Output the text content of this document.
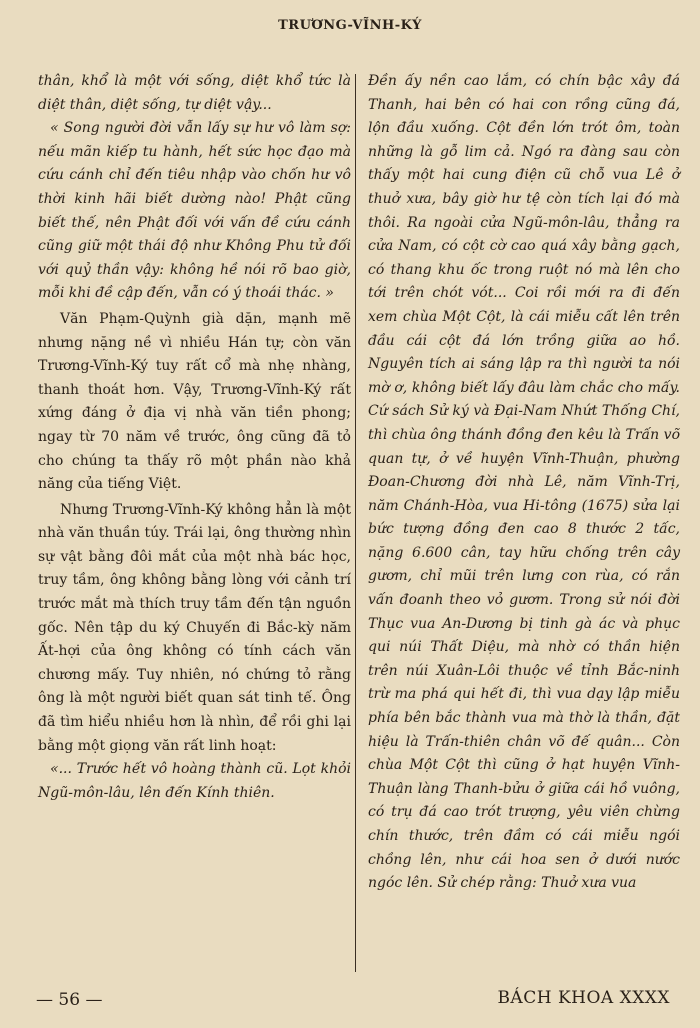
TRƯƠNG-VĨNH-KÝ

thân, khổ là một với sống, diệt khổ tức là diệt thân, diệt sống, tự diệt vậy...

« Song người đời vẫn lấy sự hư vô làm sợ: nếu mãn kiếp tu hành, hết sức học đạo mà cứu cánh chỉ đến tiêu nhập vào chốn hư vô thời kinh hãi biết dường nào! Phật cũng biết thế, nên Phật đối với vấn đề cứu cánh cũng giữ một thái độ như Không Phu tử đối với quỷ thần vậy: không hề nói rõ bao giờ, mỗi khi đề cập đến, vẫn có ý thoái thác. »

Văn Phạm-Quỳnh già dặn, mạnh mẽ nhưng nặng nề vì nhiều Hán tự; còn văn Trương-Vĩnh-Ký tuy rất cổ mà nhẹ nhàng, thanh thoát hơn. Vậy, Trương-Vĩnh-Ký rất xứng đáng ở địa vị nhà văn tiền phong; ngay từ 70 năm về trước, ông cũng đã tỏ cho chúng ta thấy rõ một phần nào khả năng của tiếng Việt.

Nhưng Trương-Vĩnh-Ký không hẳn là một nhà văn thuần túy. Trái lại, ông thường nhìn sự vật bằng đôi mắt của một nhà bác học, truy tầm, ông không bằng lòng với cảnh trí trước mắt mà thích truy tầm đến tận nguồn gốc. Nên tập du ký Chuyến đi Bắc-kỳ năm Ất-hợi của ông không có tính cách văn chương mấy. Tuy nhiên, nó chứng tỏ rằng ông là một người biết quan sát tinh tế. Ông đã tìm hiểu nhiều hơn là nhìn, để rồi ghi lại bằng một giọng văn rất linh hoạt:

«... Trước hết vô hoàng thành cũ. Lọt khỏi Ngũ-môn-lâu, lên đến Kính thiên.

Đền ấy nền cao lắm, có chín bậc xây đá Thanh, hai bên có hai con rồng cũng đá, lộn đầu xuống. Cột đền lớn trót ôm, toàn những là gỗ lim cả. Ngó ra đàng sau còn thấy một hai cung điện cũ chỗ vua Lê ở thuở xưa, bây giờ hư tệ còn tích lại đó mà thôi. Ra ngoài cửa Ngũ-môn-lâu, thẳng ra cửa Nam, có cột cờ cao quá xây bằng gạch, có thang khu ốc trong ruột nó mà lên cho tới trên chót vót... Coi rồi mới ra đi đến xem chùa Một Cột, là cái miễu cất lên trên đầu cái cột đá lớn trồng giữa ao hồ. Nguyên tích ai sáng lập ra thì người ta nói mờ ơ, không biết lấy đâu làm chắc cho mấy. Cứ sách Sử ký và Đại-Nam Nhứt Thống Chí, thì chùa ông thánh đồng đen kêu là Trấn võ quan tự, ở về huyện Vĩnh-Thuận, phường Đoan-Chương đời nhà Lê, năm Vĩnh-Trị, năm Chánh-Hòa, vua Hi-tông (1675) sửa lại bức tượng đồng đen cao 8 thước 2 tấc, nặng 6.600 cân, tay hữu chống trên cây gươm, chỉ mũi trên lưng con rùa, có rắn vấn đoanh theo vỏ gươm. Trong sử nói đời Thục vua An-Dương bị tinh gà ác và phục qui núi Thất Diệu, mà nhờ có thần hiện trên núi Xuân-Lôi thuộc về tỉnh Bắc-ninh trừ ma phá qui hết đi, thì vua dạy lập miễu phía bên bắc thành vua mà thờ là thần, đặt hiệu là Trấn-thiên chân võ đế quân... Còn chùa Một Cột thì cũng ở hạt huyện Vĩnh-Thuận làng Thanh-bửu ở giữa cái hồ vuông, có trụ đá cao trót trượng, yêu viên chừng chín thước, trên đầm có cái miễu ngói chồng lên, như cái hoa sen ở dưới nước ngóc lên. Sử chép rằng: Thuở xưa vua

— 56 —	BÁCH KHOA XXXX
